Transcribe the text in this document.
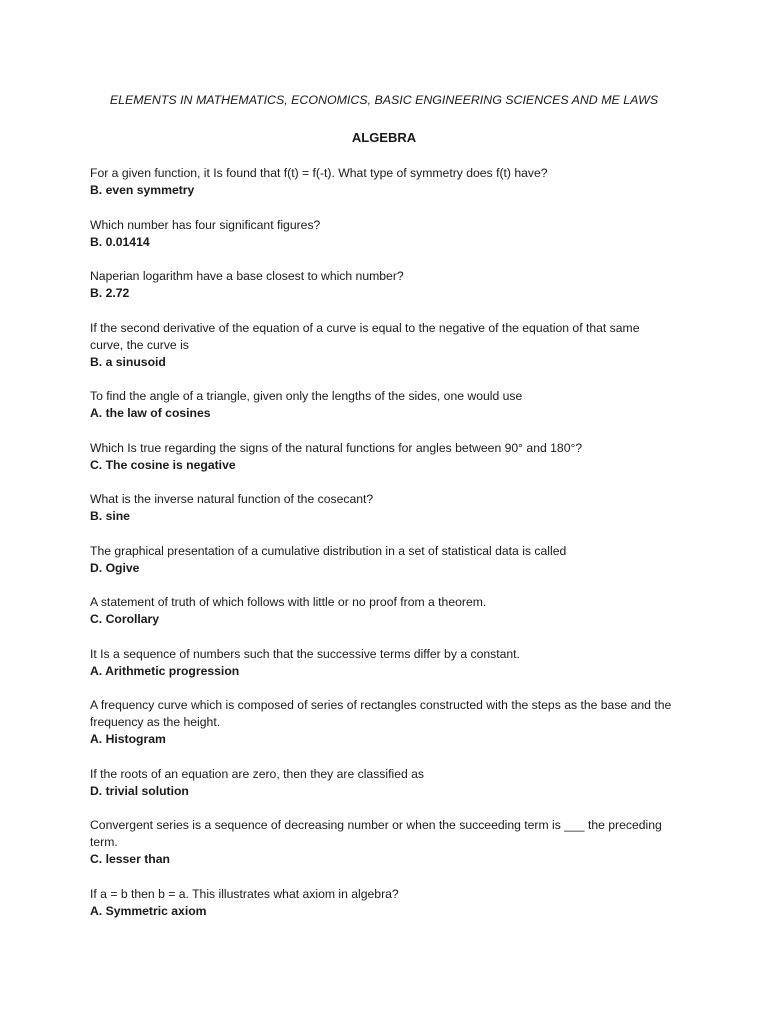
ELEMENTS IN MATHEMATICS, ECONOMICS, BASIC ENGINEERING SCIENCES AND ME LAWS
ALGEBRA

For a given function, it Is found that f(t) = f(-t). What type of symmetry does f(t) have?

B. even symmetry

Which number has four significant figures?

B. 0.01414

Naperian logarithm have a base closest to which number?

B. 2.72

If the second derivative of the equation of a curve is equal to the negative of the equation of that same curve, the curve is

B. a sinusoid

To find the angle of a triangle, given only the lengths of the sides, one would use

A. the law of cosines

Which Is true regarding the signs of the natural functions for angles between 90° and 180°?

C. The cosine is negative

What is the inverse natural function of the cosecant?

B. sine

The graphical presentation of a cumulative distribution in a set of statistical data is called

D. Ogive

A statement of truth of which follows with little or no proof from a theorem.

C. Corollary

It Is a sequence of numbers such that the successive terms differ by a constant.

A. Arithmetic progression

A frequency curve which is composed of series of rectangles constructed with the steps as the base and the frequency as the height.

A. Histogram

If the roots of an equation are zero, then they are classified as

D. trivial solution

Convergent series is a sequence of decreasing number or when the succeeding term is ___ the preceding term.

C. lesser than

If a = b then b = a. This illustrates what axiom in algebra?

A. Symmetric axiom
